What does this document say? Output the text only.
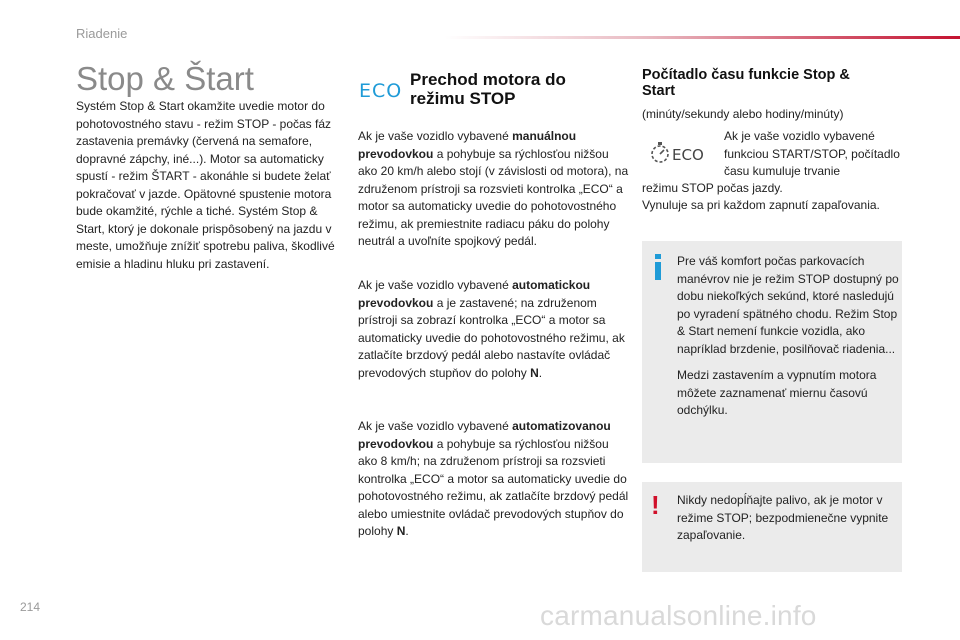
Riadenie
Stop & Štart

Systém Stop & Start okamžite uvedie motor do pohotovostného stavu - režim STOP - počas fáz zastavenia premávky (červená na semafore, dopravné zápchy, iné...). Motor sa automaticky spustí - režim ŠTART - akonáhle si budete želať pokračovať v jazde. Opätovné spustenie motora bude okamžité, rýchle a tiché. Systém Stop & Start, ktorý je dokonale prispôsobený na jazdu v meste, umožňuje znížiť spotrebu paliva, škodlivé emisie a hladinu hluku pri zastavení.

ECO
Prechod motora do režimu STOP

Ak je vaše vozidlo vybavené manuálnou prevodovkou a pohybuje sa rýchlosťou nižšou ako 20 km/h alebo stojí (v závislosti od motora), na združenom prístroji sa rozsvieti kontrolka „ECO“ a motor sa automaticky uvedie do pohotovostného režimu, ak premiestnite radiacu páku do polohy neutrál a uvoľníte spojkový pedál.

Ak je vaše vozidlo vybavené automatickou prevodovkou a je zastavené; na združenom prístroji sa zobrazí kontrolka „ECO“ a motor sa automaticky uvedie do pohotovostného režimu, ak zatlačíte brzdový pedál alebo nastavíte ovládač prevodových stupňov do polohy N.

Ak je vaše vozidlo vybavené automatizovanou prevodovkou a pohybuje sa rýchlosťou nižšou ako 8 km/h; na združenom prístroji sa rozsvieti kontrolka „ECO“ a motor sa automaticky uvedie do pohotovostného režimu, ak zatlačíte brzdový pedál alebo umiestnite ovládač prevodových stupňov do polohy N.

Počítadlo času funkcie Stop & Start

(minúty/sekundy alebo hodiny/minúty)

ECO

Ak je vaše vozidlo vybavené funkciou START/STOP, počítadlo času kumuluje trvanie

režimu STOP počas jazdy.

Vynuluje sa pri každom zapnutí zapaľovania.

Pre váš komfort počas parkovacích manévrov nie je režim STOP dostupný po dobu niekoľkých sekúnd, ktoré nasledujú po vyradení spätného chodu. Režim Stop & Start nemení funkcie vozidla, ako napríklad brzdenie, posilňovač riadenia...

Medzi zastavením a vypnutím motora môžete zaznamenať miernu časovú odchýlku.

! Nikdy nedopĺňajte palivo, ak je motor v režime STOP; bezpodmienečne vypnite zapaľovanie.

214	carmanualsonline.info
